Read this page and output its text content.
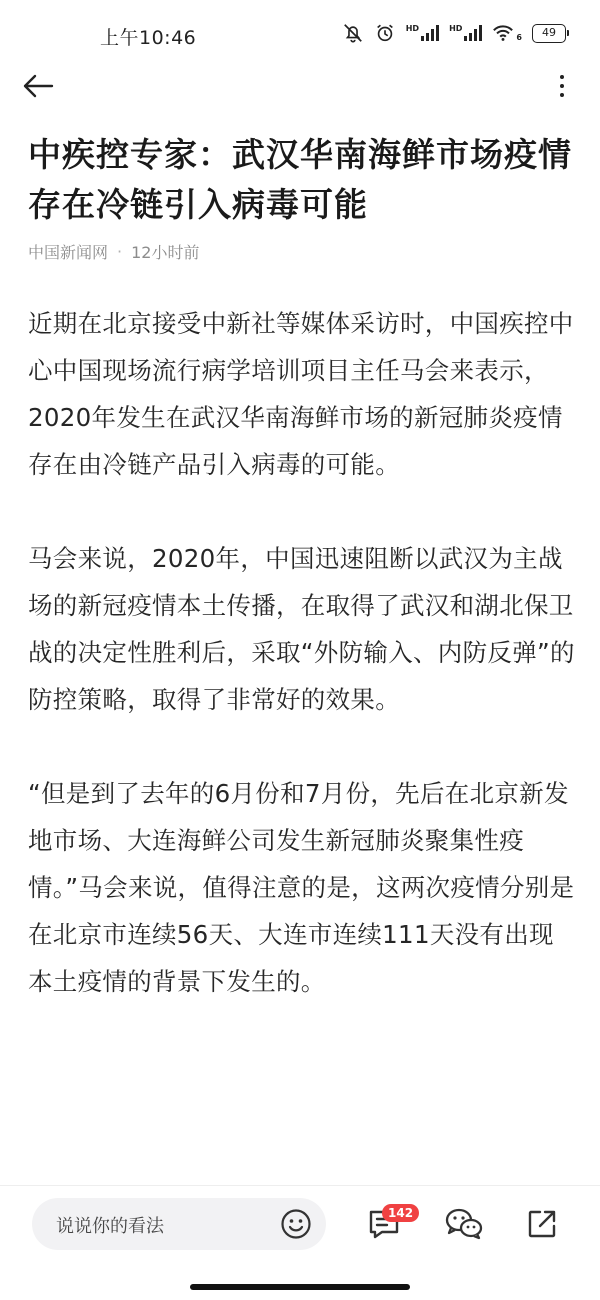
上午10:46	HD	HD
6	49
中疾控专家：武汉华南海鲜市场疫情存在冷链引入病毒可能
中国新闻网 · 12小时前

近期在北京接受中新社等媒体采访时，中国疾控中心中国现场流行病学培训项目主任马会来表示，2020年发生在武汉华南海鲜市场的新冠肺炎疫情存在由冷链产品引入病毒的可能。

马会来说，2020年，中国迅速阻断以武汉为主战场的新冠疫情本土传播，在取得了武汉和湖北保卫战的决定性胜利后，采取“外防输入、内防反弹”的防控策略，取得了非常好的效果。

“但是到了去年的6月份和7月份，先后在北京新发地市场、大连海鲜公司发生新冠肺炎聚集性疫情。”马会来说，值得注意的是，这两次疫情分别是在北京市连续56天、大连市连续111天没有出现本土疫情的背景下发生的。

说说你的看法
142
